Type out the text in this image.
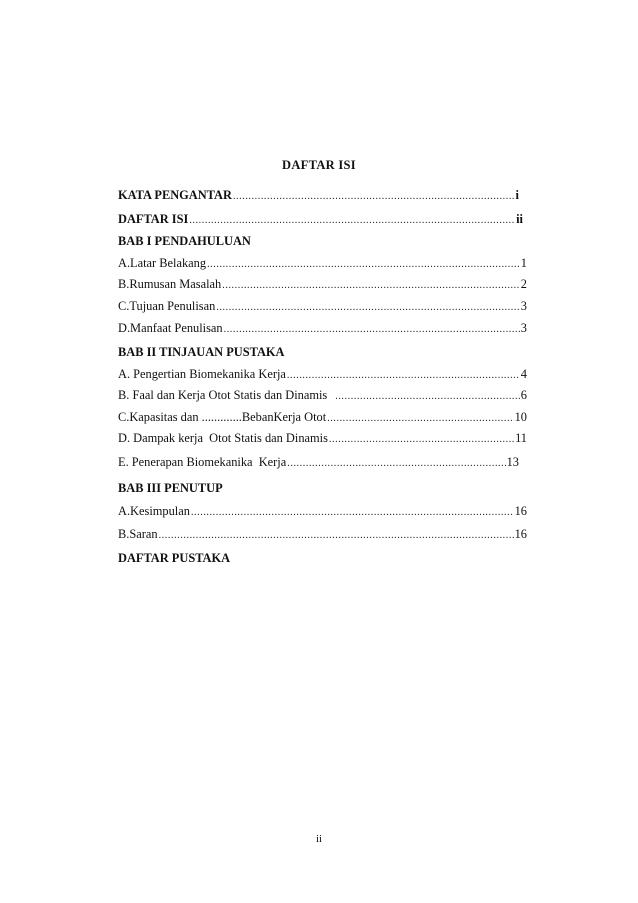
DAFTAR ISI
KATA PENGANTAR .....	i
DAFTAR ISI .....	ii
BAB I PENDAHULUAN
A.Latar Belakang .....	1
B.Rumusan Masalah .....	2
C.Tujuan Penulisan .....	3
D.Manfaat Penulisan .....	3
BAB II TINJAUAN PUSTAKA
A. Pengertian Biomekanika Kerja .....	4
B. Faal dan Kerja Otot Statis dan Dinamis .....	6
C.Kapasitas dan .............BebanKerja Otot .....	10
D. Dampak kerja  Otot Statis dan Dinamis .....	11
E. Penerapan Biomekanika  Kerja .....	13
BAB III PENUTUP
A.Kesimpulan .....	16
B.Saran .....	16
DAFTAR PUSTAKA
ii
